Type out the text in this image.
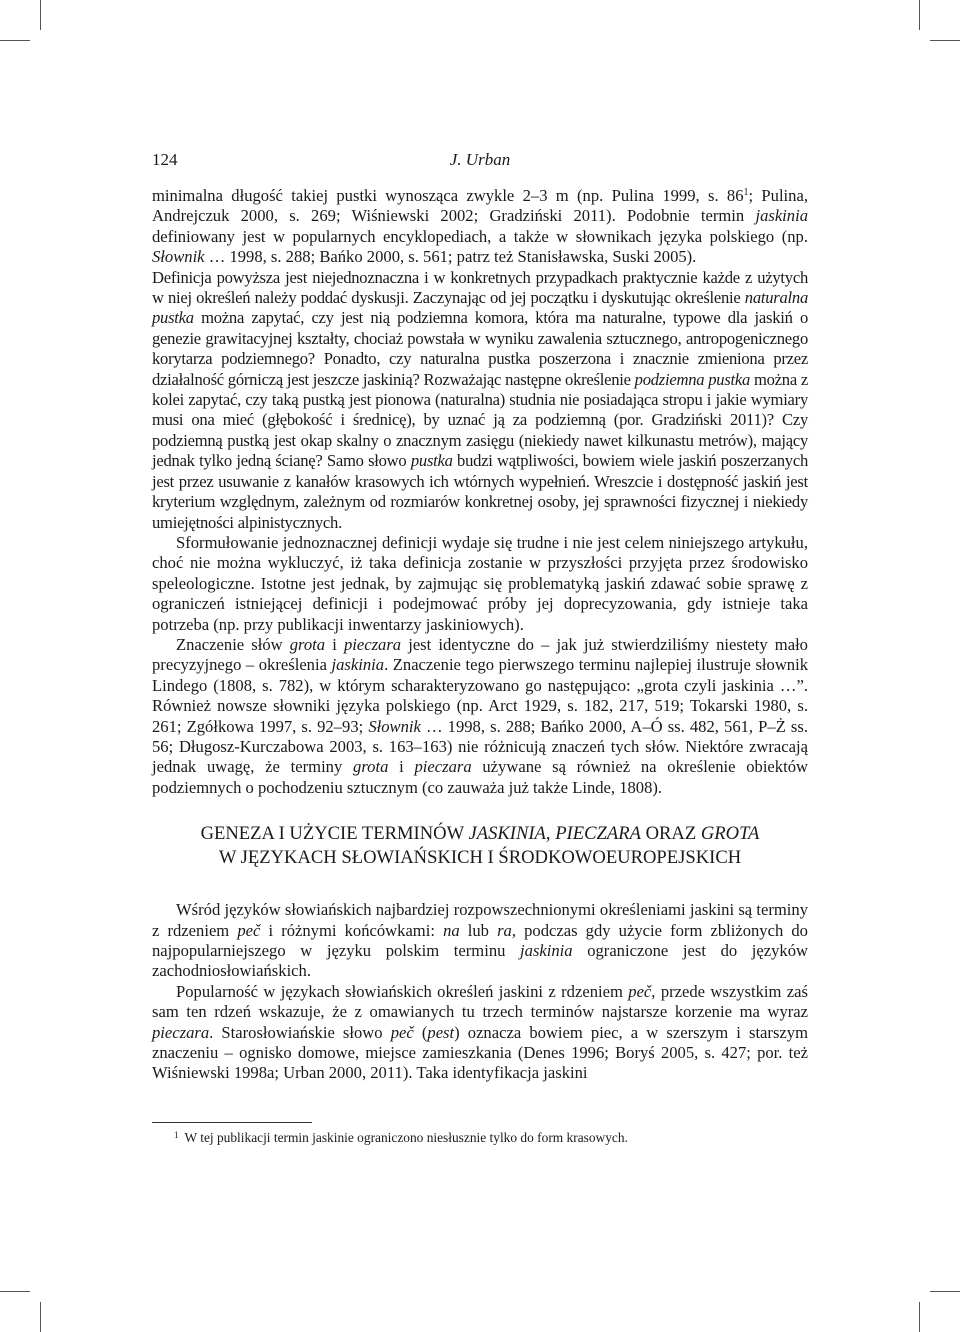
124	J. Urban

minimalna długość takiej pustki wynosząca zwykle 2–3 m (np. Pulina 1999, s. $86^1$; Pulina, Andrejczuk 2000, s. 269; Wiśniewski 2002; Gradziński 2011). Podobnie termin jaskinia definiowany jest w popularnych encyklopediach, a także w słownikach języka polskiego (np. Słownik … 1998, s. 288; Bańko 2000, s. 561; patrz też Stanisławska, Suski 2005).

Definicja powyższa jest niejednoznaczna i w konkretnych przypadkach praktycznie każde z użytych w niej określeń należy poddać dyskusji. Zaczynając od jej początku i dyskutując określenie naturalna pustka można zapytać, czy jest nią podziemna komora, która ma naturalne, typowe dla jaskiń o genezie grawitacyjnej kształty, chociaż powstała w wyniku zawalenia sztucznego, antropogenicznego korytarza podziemnego? Ponadto, czy naturalna pustka poszerzona i znacznie zmieniona przez działalność górniczą jest jeszcze jaskinią? Rozważając następne określenie podziemna pustka można z kolei zapytać, czy taką pustką jest pionowa (naturalna) studnia nie posiadająca stropu i jakie wymiary musi ona mieć (głębokość i średnicę), by uznać ją za podziemną (por. Gradziński 2011)? Czy podziemną pustką jest okap skalny o znacznym zasięgu (niekiedy nawet kilkunastu metrów), mający jednak tylko jedną ścianę? Samo słowo pustka budzi wątpliwości, bowiem wiele jaskiń poszerzanych jest przez usuwanie z kanałów krasowych ich wtórnych wypełnień. Wreszcie i dostępność jaskiń jest kryterium względnym, zależnym od rozmiarów konkretnej osoby, jej sprawności fizycznej i niekiedy umiejętności alpinistycznych.

Sformułowanie jednoznacznej definicji wydaje się trudne i nie jest celem niniejszego artykułu, choć nie można wykluczyć, iż taka definicja zostanie w przyszłości przyjęta przez środowisko speleologiczne. Istotne jest jednak, by zajmując się problematyką jaskiń zdawać sobie sprawę z ograniczeń istniejącej definicji i podejmować próby jej doprecyzowania, gdy istnieje taka potrzeba (np. przy publikacji inwentarzy jaskiniowych).

Znaczenie słów grota i pieczara jest identyczne do – jak już stwierdziliśmy niestety mało precyzyjnego – określenia jaskinia. Znaczenie tego pierwszego terminu najlepiej ilustruje słownik Lindego (1808, s. 782), w którym scharakteryzowano go następująco: „grota czyli jaskinia …”. Również nowsze słowniki języka polskiego (np. Arct 1929, s. 182, 217, 519; Tokarski 1980, s. 261; Zgółkowa 1997, s. 92–93; Słownik … 1998, s. 288; Bańko 2000, A–Ó ss. 482, 561, P–Ż ss. 56; Długosz-Kurczabowa 2003, s. 163–163) nie różnicują znaczeń tych słów. Niektóre zwracają jednak uwagę, że terminy grota i pieczara używane są również na określenie obiektów podziemnych o pochodzeniu sztucznym (co zauważa już także Linde, 1808).

GENEZA I UŻYCIE TERMINÓW JASKINIA, PIECZARA ORAZ GROTA
W JĘZYKACH SŁOWIAŃSKICH I ŚRODKOWOEUROPEJSKICH

Wśród języków słowiańskich najbardziej rozpowszechnionymi określeniami jaskini są terminy z rdzeniem peč i różnymi końcówkami: na lub ra, podczas gdy użycie form zbliżonych do najpopularniejszego w języku polskim terminu jaskinia ograniczone jest do języków zachodniosłowiańskich.

Popularność w językach słowiańskich określeń jaskini z rdzeniem peč, przede wszystkim zaś sam ten rdzeń wskazuje, że z omawianych tu trzech terminów najstarsze korzenie ma wyraz pieczara. Starosłowiańskie słowo peč (pest) oznacza bowiem piec, a w szerszym i starszym znaczeniu – ognisko domowe, miejsce zamieszkania (Denes 1996; Boryś 2005, s. 427; por. też Wiśniewski 1998a; Urban 2000, 2011). Taka identyfikacja jaskini

$^1$ W tej publikacji termin jaskinie ograniczono niesłusznie tylko do form krasowych.
